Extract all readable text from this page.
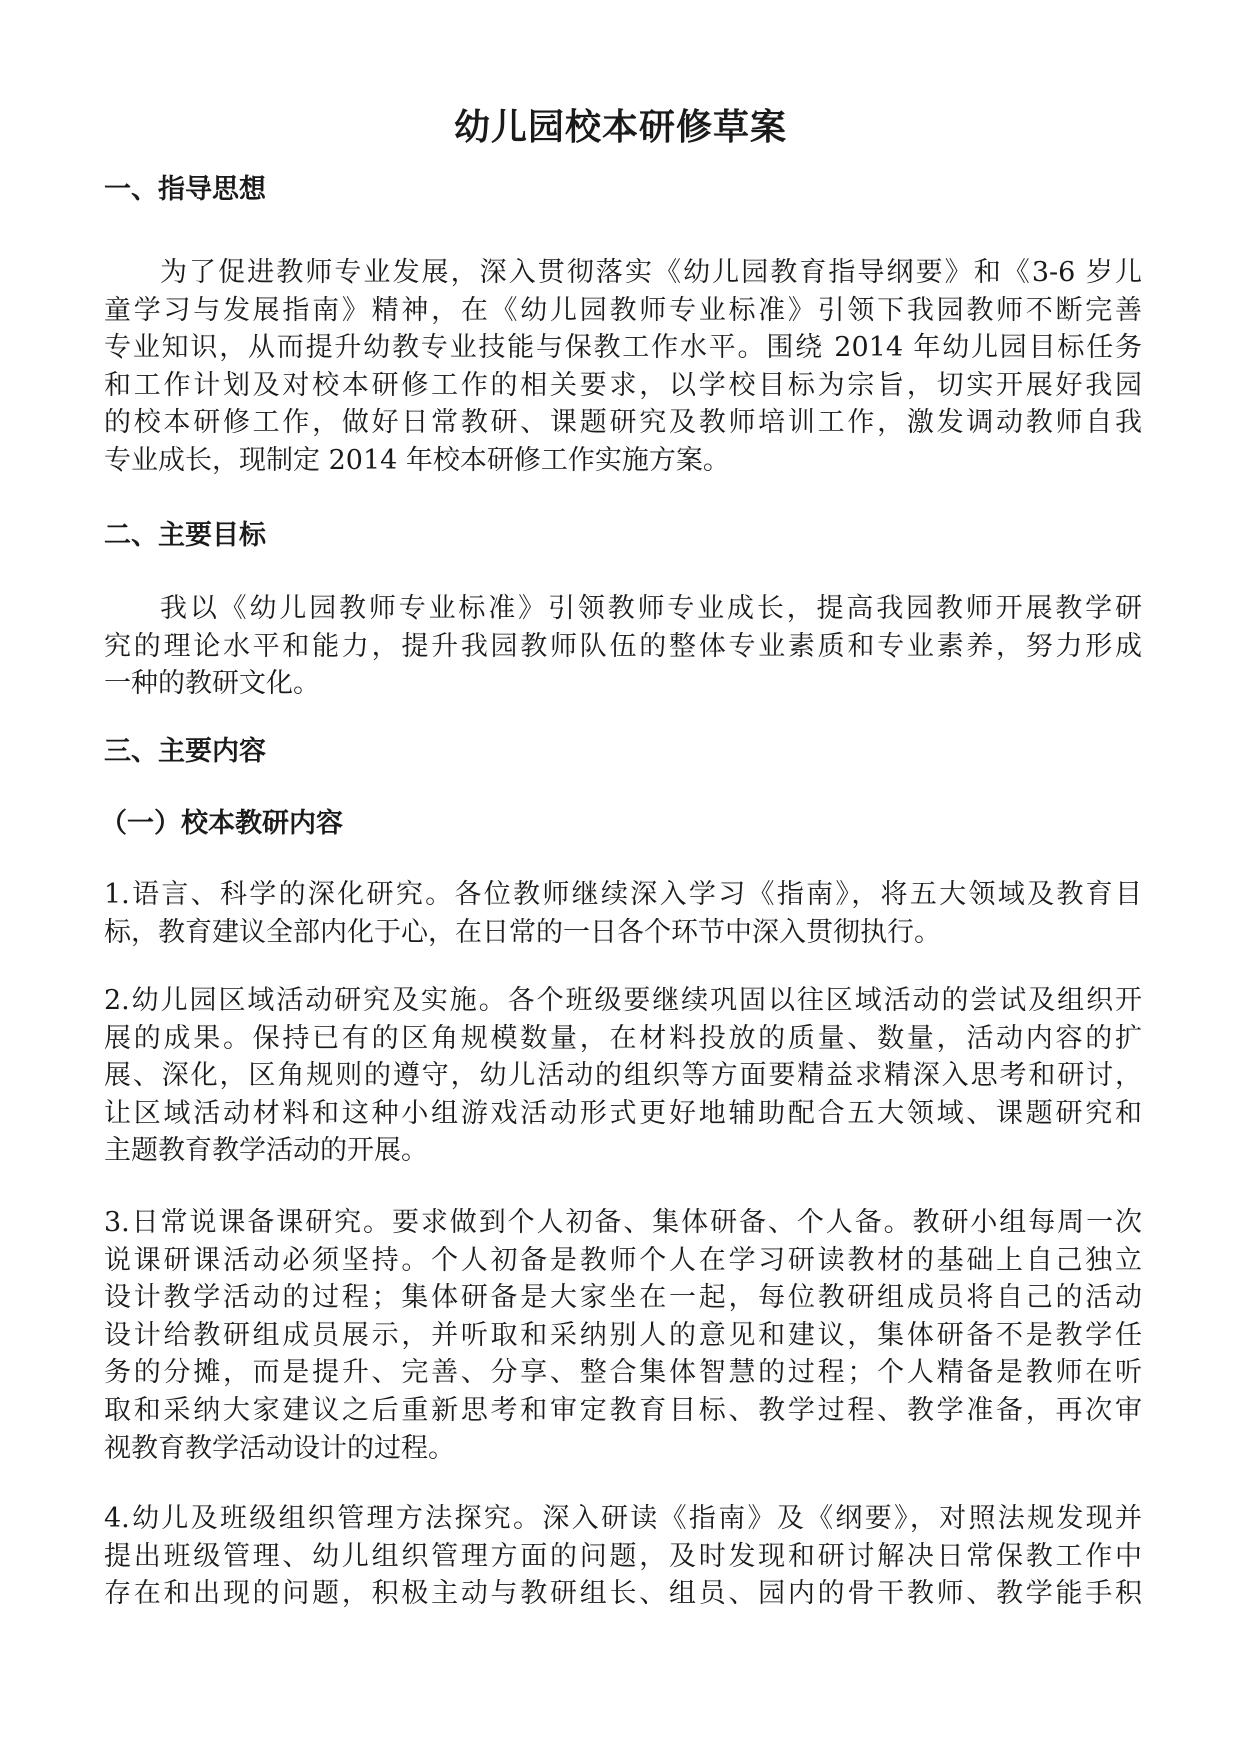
幼儿园校本研修草案
一、指导思想
为了促进教师专业发展，深入贯彻落实《幼儿园教育指导纲要》和《3-6 岁儿
童学习与发展指南》精神，在《幼儿园教师专业标准》引领下我园教师不断完善
专业知识，从而提升幼教专业技能与保教工作水平。围绕 2014 年幼儿园目标任务
和工作计划及对校本研修工作的相关要求，以学校目标为宗旨，切实开展好我园
的校本研修工作，做好日常教研、课题研究及教师培训工作，激发调动教师自我
专业成长，现制定 2014 年校本研修工作实施方案。
二、主要目标
我以《幼儿园教师专业标准》引领教师专业成长，提高我园教师开展教学研
究的理论水平和能力，提升我园教师队伍的整体专业素质和专业素养，努力形成
一种的教研文化。
三、主要内容
（一）校本教研内容
1.语言、科学的深化研究。各位教师继续深入学习《指南》，将五大领域及教育目
标，教育建议全部内化于心，在日常的一日各个环节中深入贯彻执行。
2.幼儿园区域活动研究及实施。各个班级要继续巩固以往区域活动的尝试及组织开
展的成果。保持已有的区角规模数量，在材料投放的质量、数量，活动内容的扩
展、深化，区角规则的遵守，幼儿活动的组织等方面要精益求精深入思考和研讨，
让区域活动材料和这种小组游戏活动形式更好地辅助配合五大领域、课题研究和
主题教育教学活动的开展。
3.日常说课备课研究。要求做到个人初备、集体研备、个人备。教研小组每周一次
说课研课活动必须坚持。个人初备是教师个人在学习研读教材的基础上自己独立
设计教学活动的过程；集体研备是大家坐在一起，每位教研组成员将自己的活动
设计给教研组成员展示，并听取和采纳别人的意见和建议，集体研备不是教学任
务的分摊，而是提升、完善、分享、整合集体智慧的过程；个人精备是教师在听
取和采纳大家建议之后重新思考和审定教育目标、教学过程、教学准备，再次审
视教育教学活动设计的过程。
4.幼儿及班级组织管理方法探究。深入研读《指南》及《纲要》，对照法规发现并
提出班级管理、幼儿组织管理方面的问题，及时发现和研讨解决日常保教工作中
存在和出现的问题，积极主动与教研组长、组员、园内的骨干教师、教学能手积
